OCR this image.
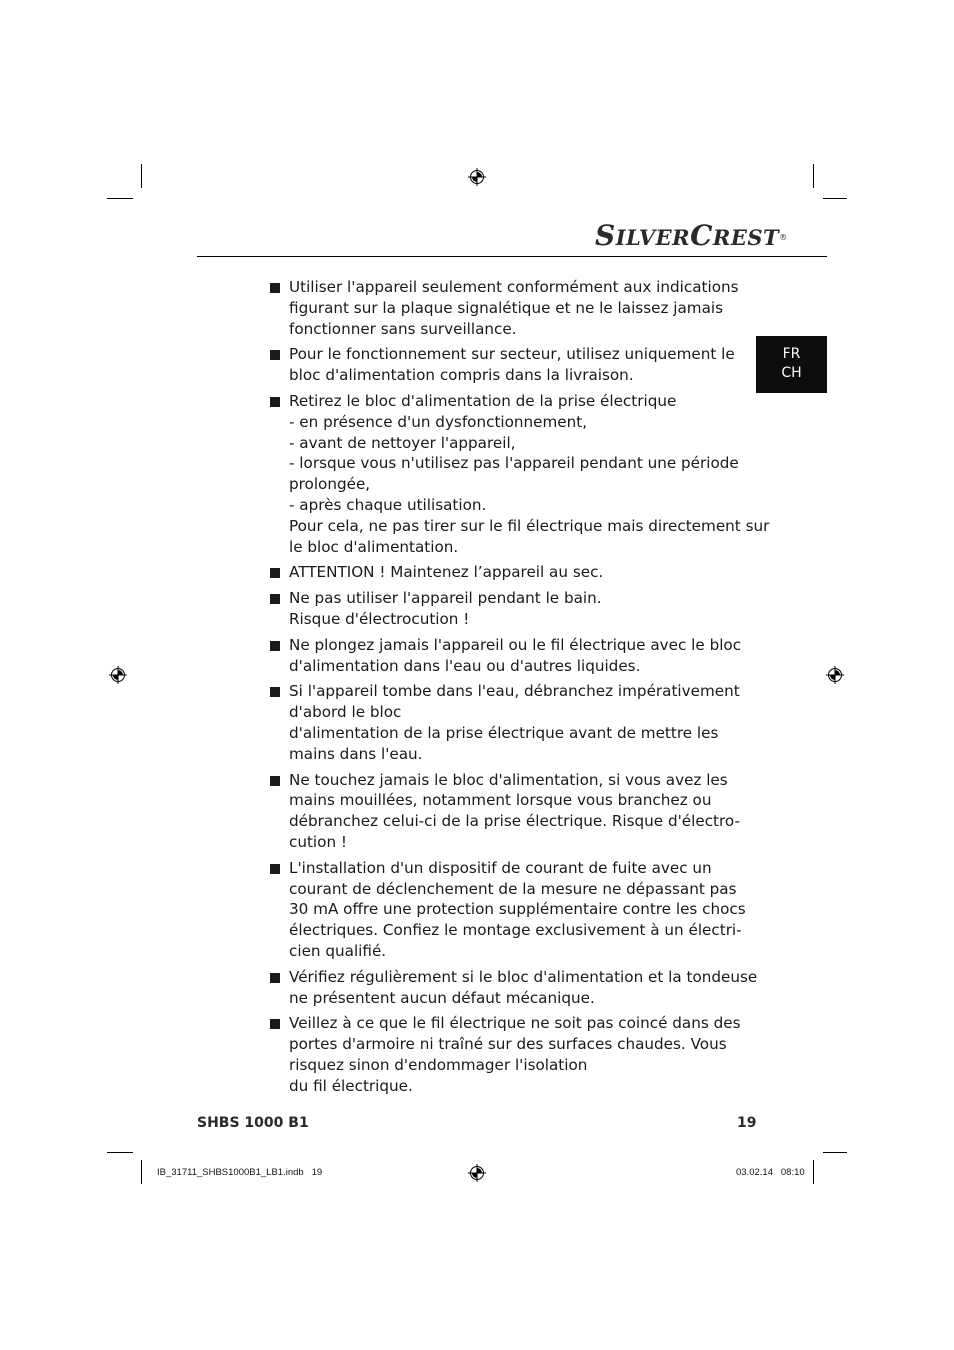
SILVERCREST®
FR
CH
Utiliser l'appareil seulement conformément aux indications
figurant sur la plaque signalétique et ne le laissez jamais
fonctionner sans surveillance.
Pour le fonctionnement sur secteur, utilisez uniquement le
bloc d'alimentation compris dans la livraison.
Retirez le bloc d'alimentation de la prise électrique
- en présence d'un dysfonctionnement,
- avant de nettoyer l'appareil,
- lorsque vous n'utilisez pas l'appareil pendant une période
prolongée,
- après chaque utilisation.
Pour cela, ne pas tirer sur le fil électrique mais directement sur
le bloc d'alimentation.
ATTENTION ! Maintenez l’appareil au sec.
Ne pas utiliser l'appareil pendant le bain.
Risque d'électrocution !
Ne plongez jamais l'appareil ou le fil électrique avec le bloc
d'alimentation dans l'eau ou d'autres liquides.
Si l'appareil tombe dans l'eau, débranchez impérativement
d'abord le bloc
d'alimentation de la prise électrique avant de mettre les
mains dans l'eau.
Ne touchez jamais le bloc d'alimentation, si vous avez les
mains mouillées, notamment lorsque vous branchez ou
débranchez celui-ci de la prise électrique. Risque d'électro-
cution !
L'installation d'un dispositif de courant de fuite avec un
courant de déclenchement de la mesure ne dépassant pas
30 mA offre une protection supplémentaire contre les chocs
électriques. Confiez le montage exclusivement à un électri-
cien qualifié.
Vérifiez régulièrement si le bloc d'alimentation et la tondeuse
ne présentent aucun défaut mécanique.
Veillez à ce que le fil électrique ne soit pas coincé dans des
portes d'armoire ni traîné sur des surfaces chaudes. Vous
risquez sinon d'endommager l'isolation
du fil électrique.
SHBS 1000 B1	19
IB_31711_SHBS1000B1_LB1.indb   19	03.02.14   08:10
